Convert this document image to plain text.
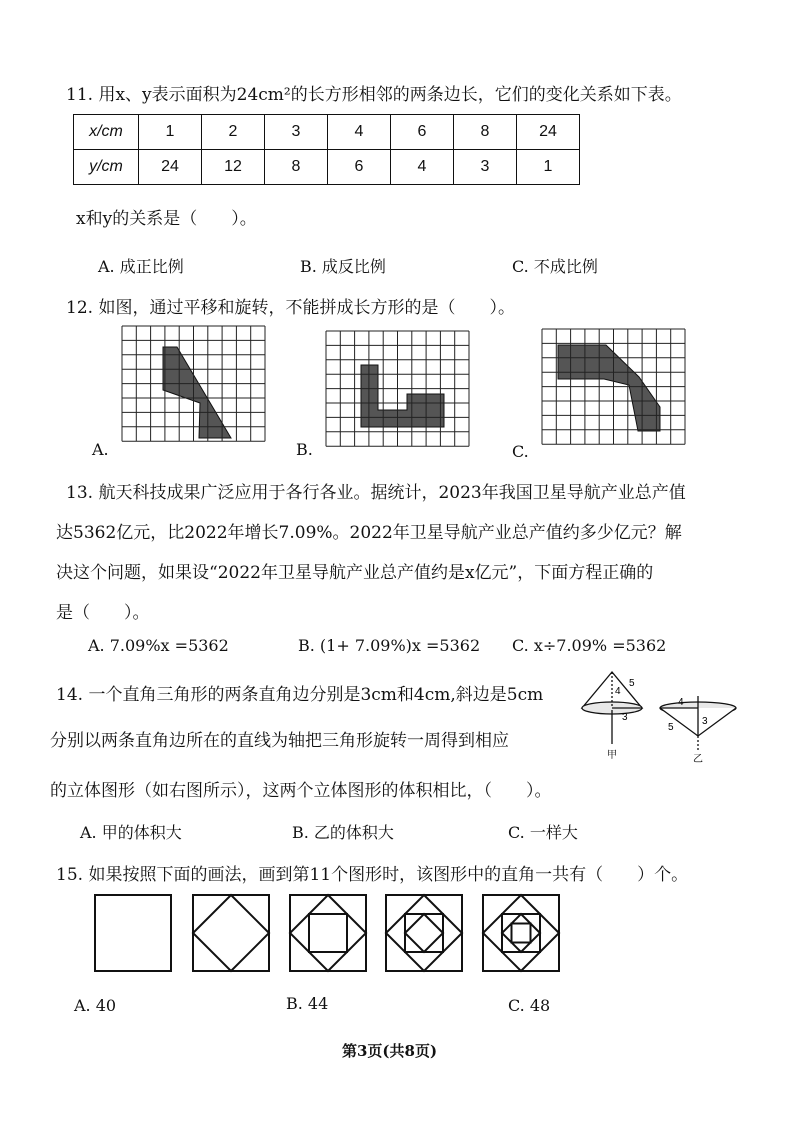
11. 用x、y表示面积为24cm²的长方形相邻的两条边长，它们的变化关系如下表。
x/cm	1	2	3	4	6	8	24
y/cm	24	12	8	6	4	3	1
x和y的关系是（　　）。
A. 成正比例	B. 成反比例	C. 不成比例
12. 如图，通过平移和旋转，不能拼成长方形的是（　　）。
A.	B.	C.
13. 航天科技成果广泛应用于各行各业。据统计，2023年我国卫星导航产业总产值
达5362亿元，比2022年增长7.09%。2022年卫星导航产业总产值约多少亿元？解
决这个问题，如果设“2022年卫星导航产业总产值约是x亿元”，下面方程正确的
是（　　）。
A. 7.09%x =5362	B. (1+ 7.09%)x =5362 C. x÷7.09% =5362
14. 一个直角三角形的两条直角边分别是3cm和4cm,斜边是5cm
分别以两条直角边所在的直线为轴把三角形旋转一周得到相应
的立体图形（如右图所示），这两个立体图形的体积相比，（　　）。
A. 甲的体积大	B. 乙的体积大	C. 一样大
4
5
3
甲
4
5
3
乙
15. 如果按照下面的画法，画到第11个图形时，该图形中的直角一共有（　　）个。
A. 40	B. 44	C. 48
第3页(共8页)
